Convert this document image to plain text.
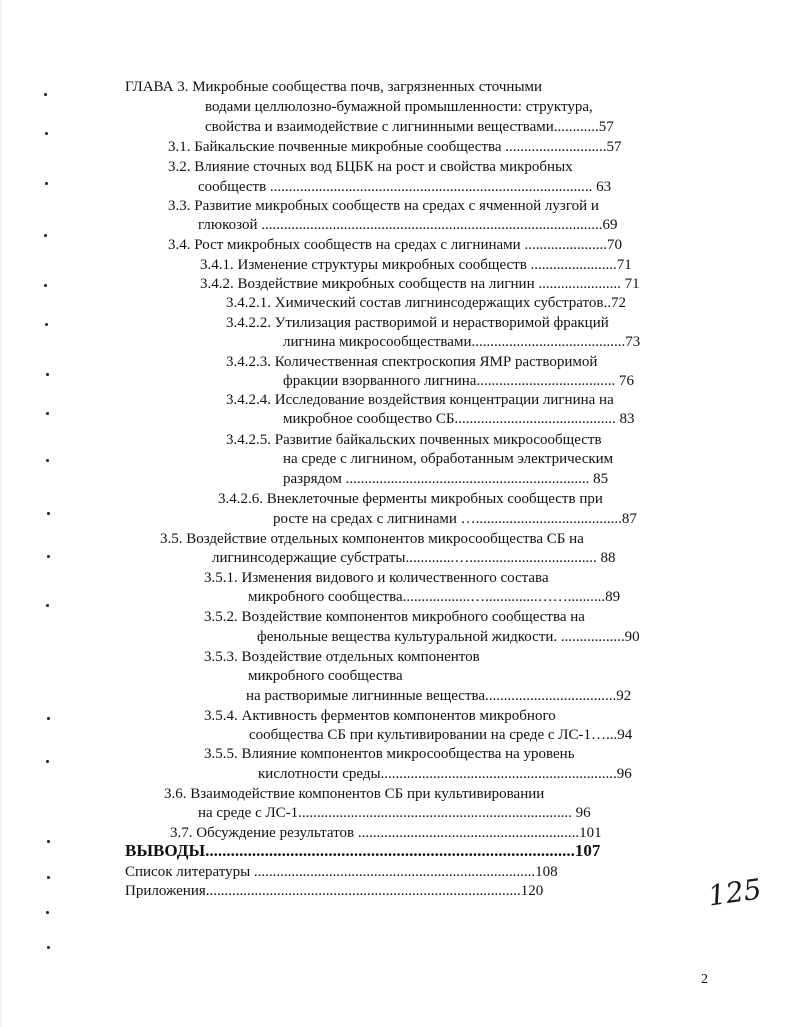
ГЛАВА 3. Микробные сообщества почв, загрязненных сточными
водами целлюлозно-бумажной промышленности: структура,
свойства и взаимодействие с лигнинными веществами............57
3.1. Байкальские почвенные микробные сообщества ...........................57
3.2. Влияние сточных вод БЦБК на рост и свойства микробных
сообществ ...................................................................................... 63
3.3. Развитие микробных сообществ на средах с ячменной лузгой и
глюкозой ...........................................................................................69
3.4. Рост микробных сообществ на средах с лигнинами ......................70
3.4.1. Изменение структуры микробных сообществ .......................71
3.4.2. Воздействие микробных сообществ на лигнин ...................... 71
3.4.2.1. Химический состав лигнинсодержащих субстратов..72
3.4.2.2. Утилизация растворимой и нерастворимой фракций
лигнина микросообществами.........................................73
3.4.2.3. Количественная спектроскопия ЯМР растворимой
фракции взорванного лигнина..................................... 76
3.4.2.4. Исследование воздействия концентрации лигнина на
микробное сообщество СБ........................................... 83
3.4.2.5. Развитие байкальских почвенных микросообществ
на среде с лигнином, обработанным электрическим
разрядом ................................................................. 85
3.4.2.6. Внеклеточные ферменты микробных сообществ при
росте на средах с лигнинами ….......................................87
3.5. Воздействие отдельных компонентов микросообщества СБ на
лигнинсодержащие субстраты.............….................................. 88
3.5.1. Изменения видового и количественного состава
микробного сообщества..................…..............……..........89
3.5.2. Воздействие компонентов микробного сообщества на
фенольные вещества культуральной жидкости. .................90
3.5.3. Воздействие отдельных компонентов
микробного сообщества
на растворимые лигнинные вещества...................................92
3.5.4. Активность ферментов компонентов микробного
сообщества СБ при культивировании на среде с ЛС-1…...94
3.5.5. Влияние компонентов микросообщества на уровень
кислотности среды...............................................................96
3.6. Взаимодействие компонентов СБ при культивировании
на среде с ЛС-1......................................................................... 96
3.7. Обсуждение результатов ...........................................................101
ВЫВОДЫ.......................................................................................107
Список литературы ...........................................................................108
Приложения....................................................................................120	125
2
